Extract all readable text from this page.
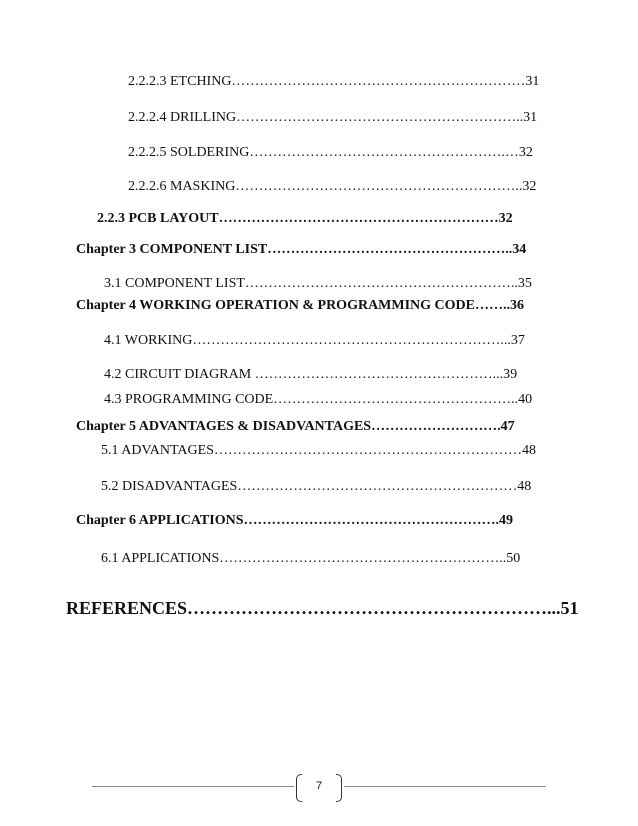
2.2.2.3 ETCHING………………………………………………………31
2.2.2.4 DRILLING……………………………………………………..31
2.2.2.5 SOLDERING……………………………………………….…32
2.2.2.6 MASKING……………………………………………………..32
2.2.3 PCB LAYOUT……………………………………………………32
Chapter 3 COMPONENT LIST……………………………………………..34
3.1 COMPONENT LIST…………………………………………………..35
Chapter 4 WORKING OPERATION & PROGRAMMING CODE……..36
4.1 WORKING…………………………………………………………...37
4.2 CIRCUIT DIAGRAM ……………………………………………...39
4.3 PROGRAMMING CODE……………………………………………..40
Chapter 5 ADVANTAGES & DISADVANTAGES……………………….47
5.1 ADVANTAGES…………………………………………………………48
5.2 DISADVANTAGES……………………………………………………48
Chapter 6 APPLICATIONS……………………………………………….49
6.1 APPLICATIONS……………………………………………………..50
REFERENCES……………………………………………………...51
7
